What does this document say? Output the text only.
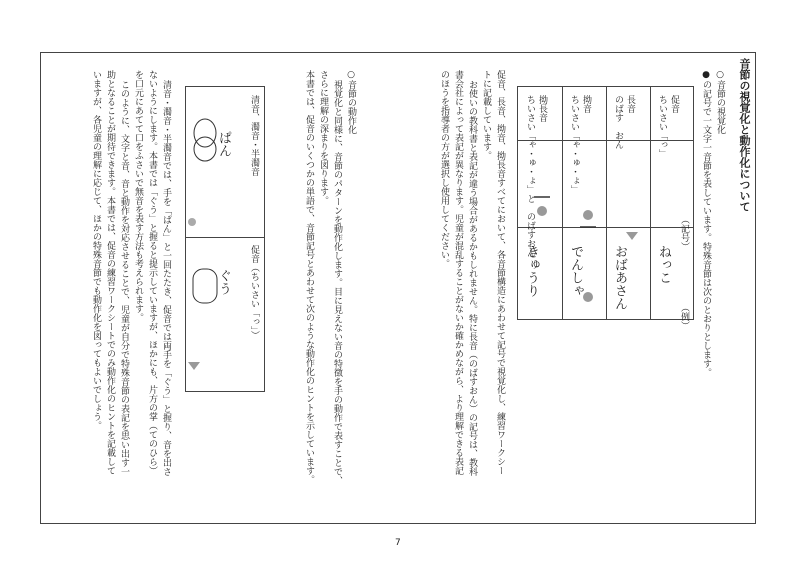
音節の視覚化と動作化について
○音節の視覚化
●の記号で一文字一音節を表しています。特殊音節は次のとおりとします。
（記号）
（例）
促音
ちいさい「っ」
ねっこ
長音
のばす　おん
おばあさん
拗音
ちいさい「ゃ・ゅ・ょ」
でんしゃ
拗長音
ちいさい「ゃ・ゅ・ょ」と　のばすおん
きゅうり
促音、長音、拗音、拗長音すべてにおいて、各音節構造にあわせて記号で視覚化し、練習ワークシー
トに記載しています。
お使いの教科書と表記が違う場合があるかもしれません。特に長音（のばすおん）の記号は、教科
書会社によって表記が異なります。児童が混乱することがないか確かめながら、より理解できる表記
のほうを指導者の方が選択し使用してください。
○音節の動作化
視覚化と同様に、音節のパターンを動作化します。目に見えない音の特徴を手の動作で表すことで、
さらに理解の深まりを図ります。
本書では、促音のいくつかの単語で、音節記号とあわせて次のような動作化のヒントを示しています。
清音、濁音・半濁音
ぱん
促音（ちいさい「っ」）
ぐう
清音・濁音・半濁音では、手を「ぱん」と一回たたき、促音では両手を「ぐう」と握り、音を出さ
ないようにします。本書では「ぐう」と握ると提示していますが、ほかにも、片方の掌（てのひら）
を口元にあてて口をふさいで無音を表す方法も考えられます。
このように、文字と音、音と動作を対応させることで、児童が自分で特殊音節の表記を思い出す一
助となることが期待できます。本書では、促音の練習ワークシートでのみ動作化のヒントを記載して
いますが、各児童の理解に応じて、ほかの特殊音節でも動作化を図ってもよいでしょう。
7
